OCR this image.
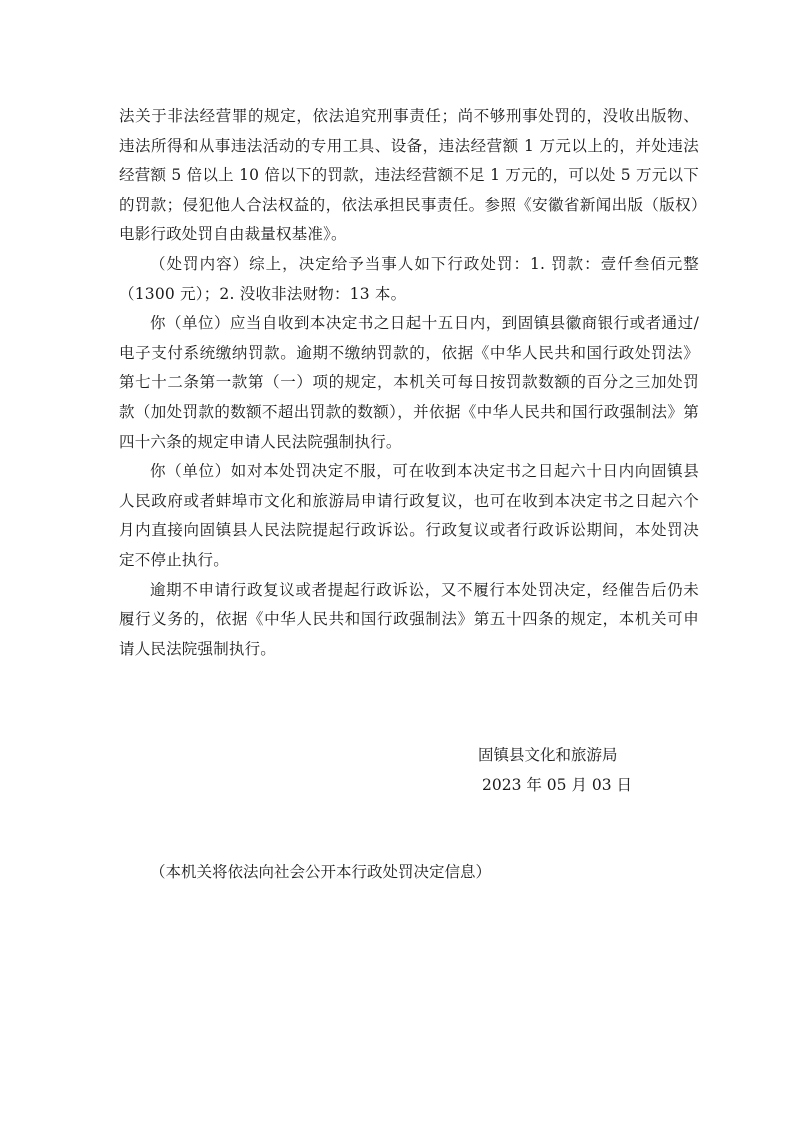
法关于非法经营罪的规定，依法追究刑事责任；尚不够刑事处罚的，没收出版物、违法所得和从事违法活动的专用工具、设备，违法经营额 1 万元以上的，并处违法经营额 5 倍以上 10 倍以下的罚款，违法经营额不足 1 万元的，可以处 5 万元以下的罚款；侵犯他人合法权益的，依法承担民事责任。参照《安徽省新闻出版（版权）电影行政处罚自由裁量权基准》。

（处罚内容）综上，决定给予当事人如下行政处罚：1. 罚款：壹仟叁佰元整（1300 元）；2. 没收非法财物：13 本。

你（单位）应当自收到本决定书之日起十五日内，到固镇县徽商银行或者通过/电子支付系统缴纳罚款。逾期不缴纳罚款的，依据《中华人民共和国行政处罚法》第七十二条第一款第（一）项的规定，本机关可每日按罚款数额的百分之三加处罚款（加处罚款的数额不超出罚款的数额），并依据《中华人民共和国行政强制法》第四十六条的规定申请人民法院强制执行。

你（单位）如对本处罚决定不服，可在收到本决定书之日起六十日内向固镇县人民政府或者蚌埠市文化和旅游局申请行政复议，也可在收到本决定书之日起六个月内直接向固镇县人民法院提起行政诉讼。行政复议或者行政诉讼期间，本处罚决定不停止执行。

逾期不申请行政复议或者提起行政诉讼，又不履行本处罚决定，经催告后仍未履行义务的，依据《中华人民共和国行政强制法》第五十四条的规定，本机关可申请人民法院强制执行。

固镇县文化和旅游局
2023 年 05 月 03 日
（本机关将依法向社会公开本行政处罚决定信息）
